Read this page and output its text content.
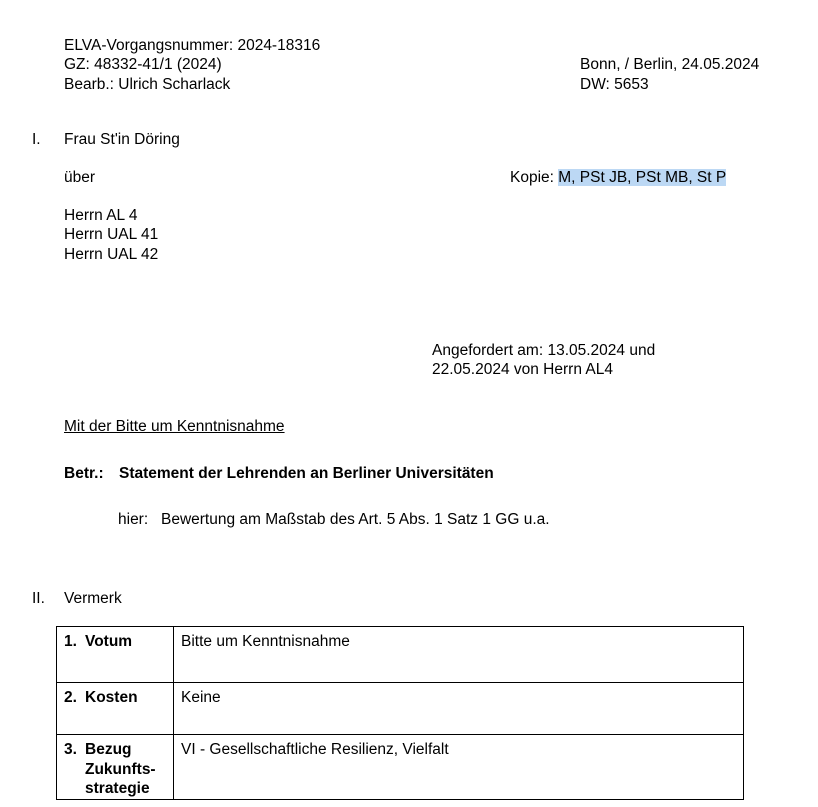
ELVA-Vorgangsnummer: 2024-18316
GZ: 48332-41/1 (2024)
Bearb.: Ulrich Scharlack
Bonn, / Berlin, 24.05.2024
DW: 5653
I. Frau St'in Döring
über	Kopie: M, PSt JB, PSt MB, St P
Herrn AL 4
Herrn UAL 41
Herrn UAL 42
Angefordert am: 13.05.2024 und
22.05.2024 von Herrn AL4
Mit der Bitte um Kenntnisnahme
Betr.: Statement der Lehrenden an Berliner Universitäten
hier: Bewertung am Maßstab des Art. 5 Abs. 1 Satz 1 GG u.a.
II. Vermerk
1. Votum	Bitte um Kenntnisnahme
2. Kosten	Keine
3. Bezug
Zukunfts-
strategie	VI - Gesellschaftliche Resilienz, Vielfalt
